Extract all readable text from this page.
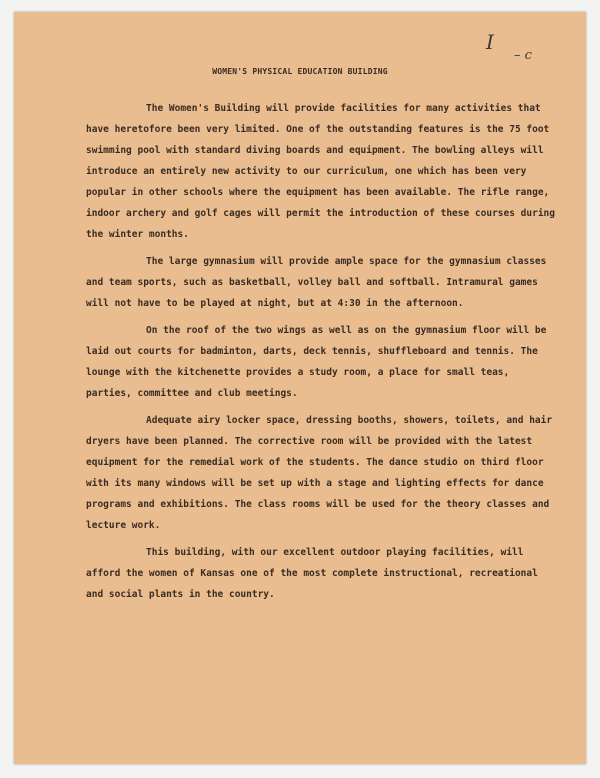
I
– c
WOMEN'S PHYSICAL EDUCATION BUILDING

The Women's Building will provide facilities for many activities that have heretofore been very limited. One of the outstanding features is the 75 foot swimming pool with standard diving boards and equipment. The bowling alleys will introduce an entirely new activity to our curriculum, one which has been very popular in other schools where the equipment has been available. The rifle range, indoor archery and golf cages will permit the introduction of these courses during the winter months.

The large gymnasium will provide ample space for the gymnasium classes and team sports, such as basketball, volley ball and softball. Intramural games will not have to be played at night, but at 4:30 in the afternoon.

On the roof of the two wings as well as on the gymnasium floor will be laid out courts for badminton, darts, deck tennis, shuffleboard and tennis. The lounge with the kitchenette provides a study room, a place for small teas, parties, committee and club meetings.

Adequate airy locker space, dressing booths, showers, toilets, and hair dryers have been planned. The corrective room will be provided with the latest equipment for the remedial work of the students. The dance studio on third floor with its many windows will be set up with a stage and lighting effects for dance programs and exhibitions. The class rooms will be used for the theory classes and lecture work.

This building, with our excellent outdoor playing facilities, will afford the women of Kansas one of the most complete instructional, recreational and social plants in the country.
